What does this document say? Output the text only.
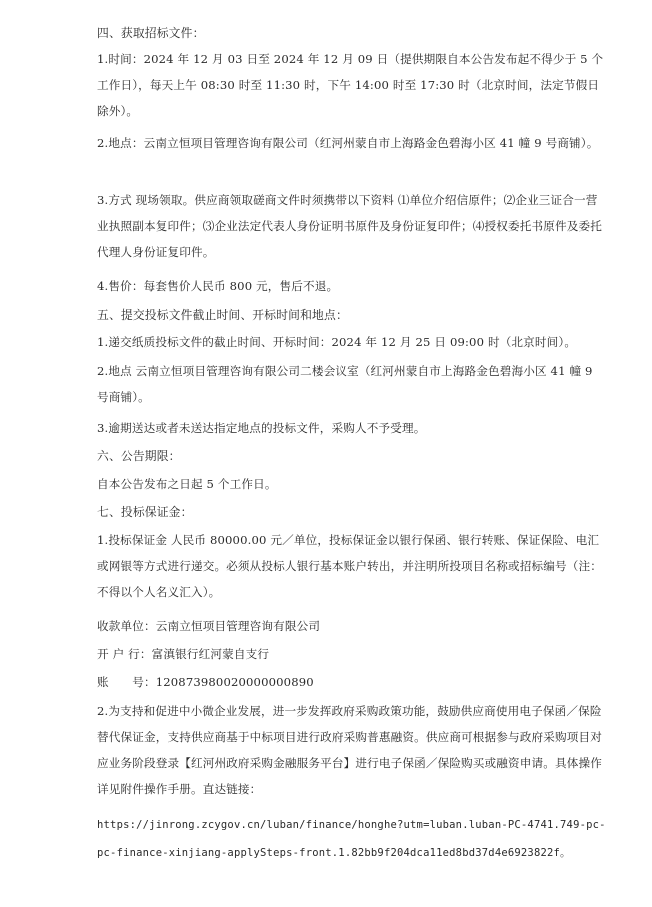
四、获取招标文件：

1.时间：2024 年 12 月 03 日至 2024 年 12 月 09 日（提供期限自本公告发布起不得少于 5 个工作日），每天上午 08:30 时至 11:30 时，下午 14:00 时至 17:30 时（北京时间，法定节假日除外）。

2.地点：云南立恒项目管理咨询有限公司（红河州蒙自市上海路金色碧海小区 41 幢 9 号商铺）。

3.方式 现场领取。供应商领取磋商文件时须携带以下资料 ⑴单位介绍信原件；⑵企业三证合一营业执照副本复印件；⑶企业法定代表人身份证明书原件及身份证复印件；⑷授权委托书原件及委托代理人身份证复印件。

4.售价：每套售价人民币 800 元，售后不退。

五、提交投标文件截止时间、开标时间和地点：

1.递交纸质投标文件的截止时间、开标时间：2024 年 12 月 25 日 09:00 时（北京时间）。

2.地点 云南立恒项目管理咨询有限公司二楼会议室（红河州蒙自市上海路金色碧海小区 41 幢 9 号商铺）。

3.逾期送达或者未送达指定地点的投标文件，采购人不予受理。

六、公告期限：

自本公告发布之日起 5 个工作日。

七、投标保证金：

1.投标保证金 人民币 80000.00 元／单位，投标保证金以银行保函、银行转账、保证保险、电汇或网银等方式进行递交。必须从投标人银行基本账户转出，并注明所投项目名称或招标编号（注：不得以个人名义汇入）。

收款单位：云南立恒项目管理咨询有限公司

开 户 行：富滇银行红河蒙自支行

账　　号：120873980020000000890

2.为支持和促进中小微企业发展，进一步发挥政府采购政策功能，鼓励供应商使用电子保函／保险替代保证金，支持供应商基于中标项目进行政府采购普惠融资。供应商可根据参与政府采购项目对应业务阶段登录【红河州政府采购金融服务平台】进行电子保函／保险购买或融资申请。具体操作详见附件操作手册。直达链接：

https://jinrong.zcygov.cn/luban/finance/honghe?utm=luban.luban-PC-4741.749-pc-

pc-finance-xinjiang-applySteps-front.1.82bb9f204dca11ed8bd37d4e6923822f。
